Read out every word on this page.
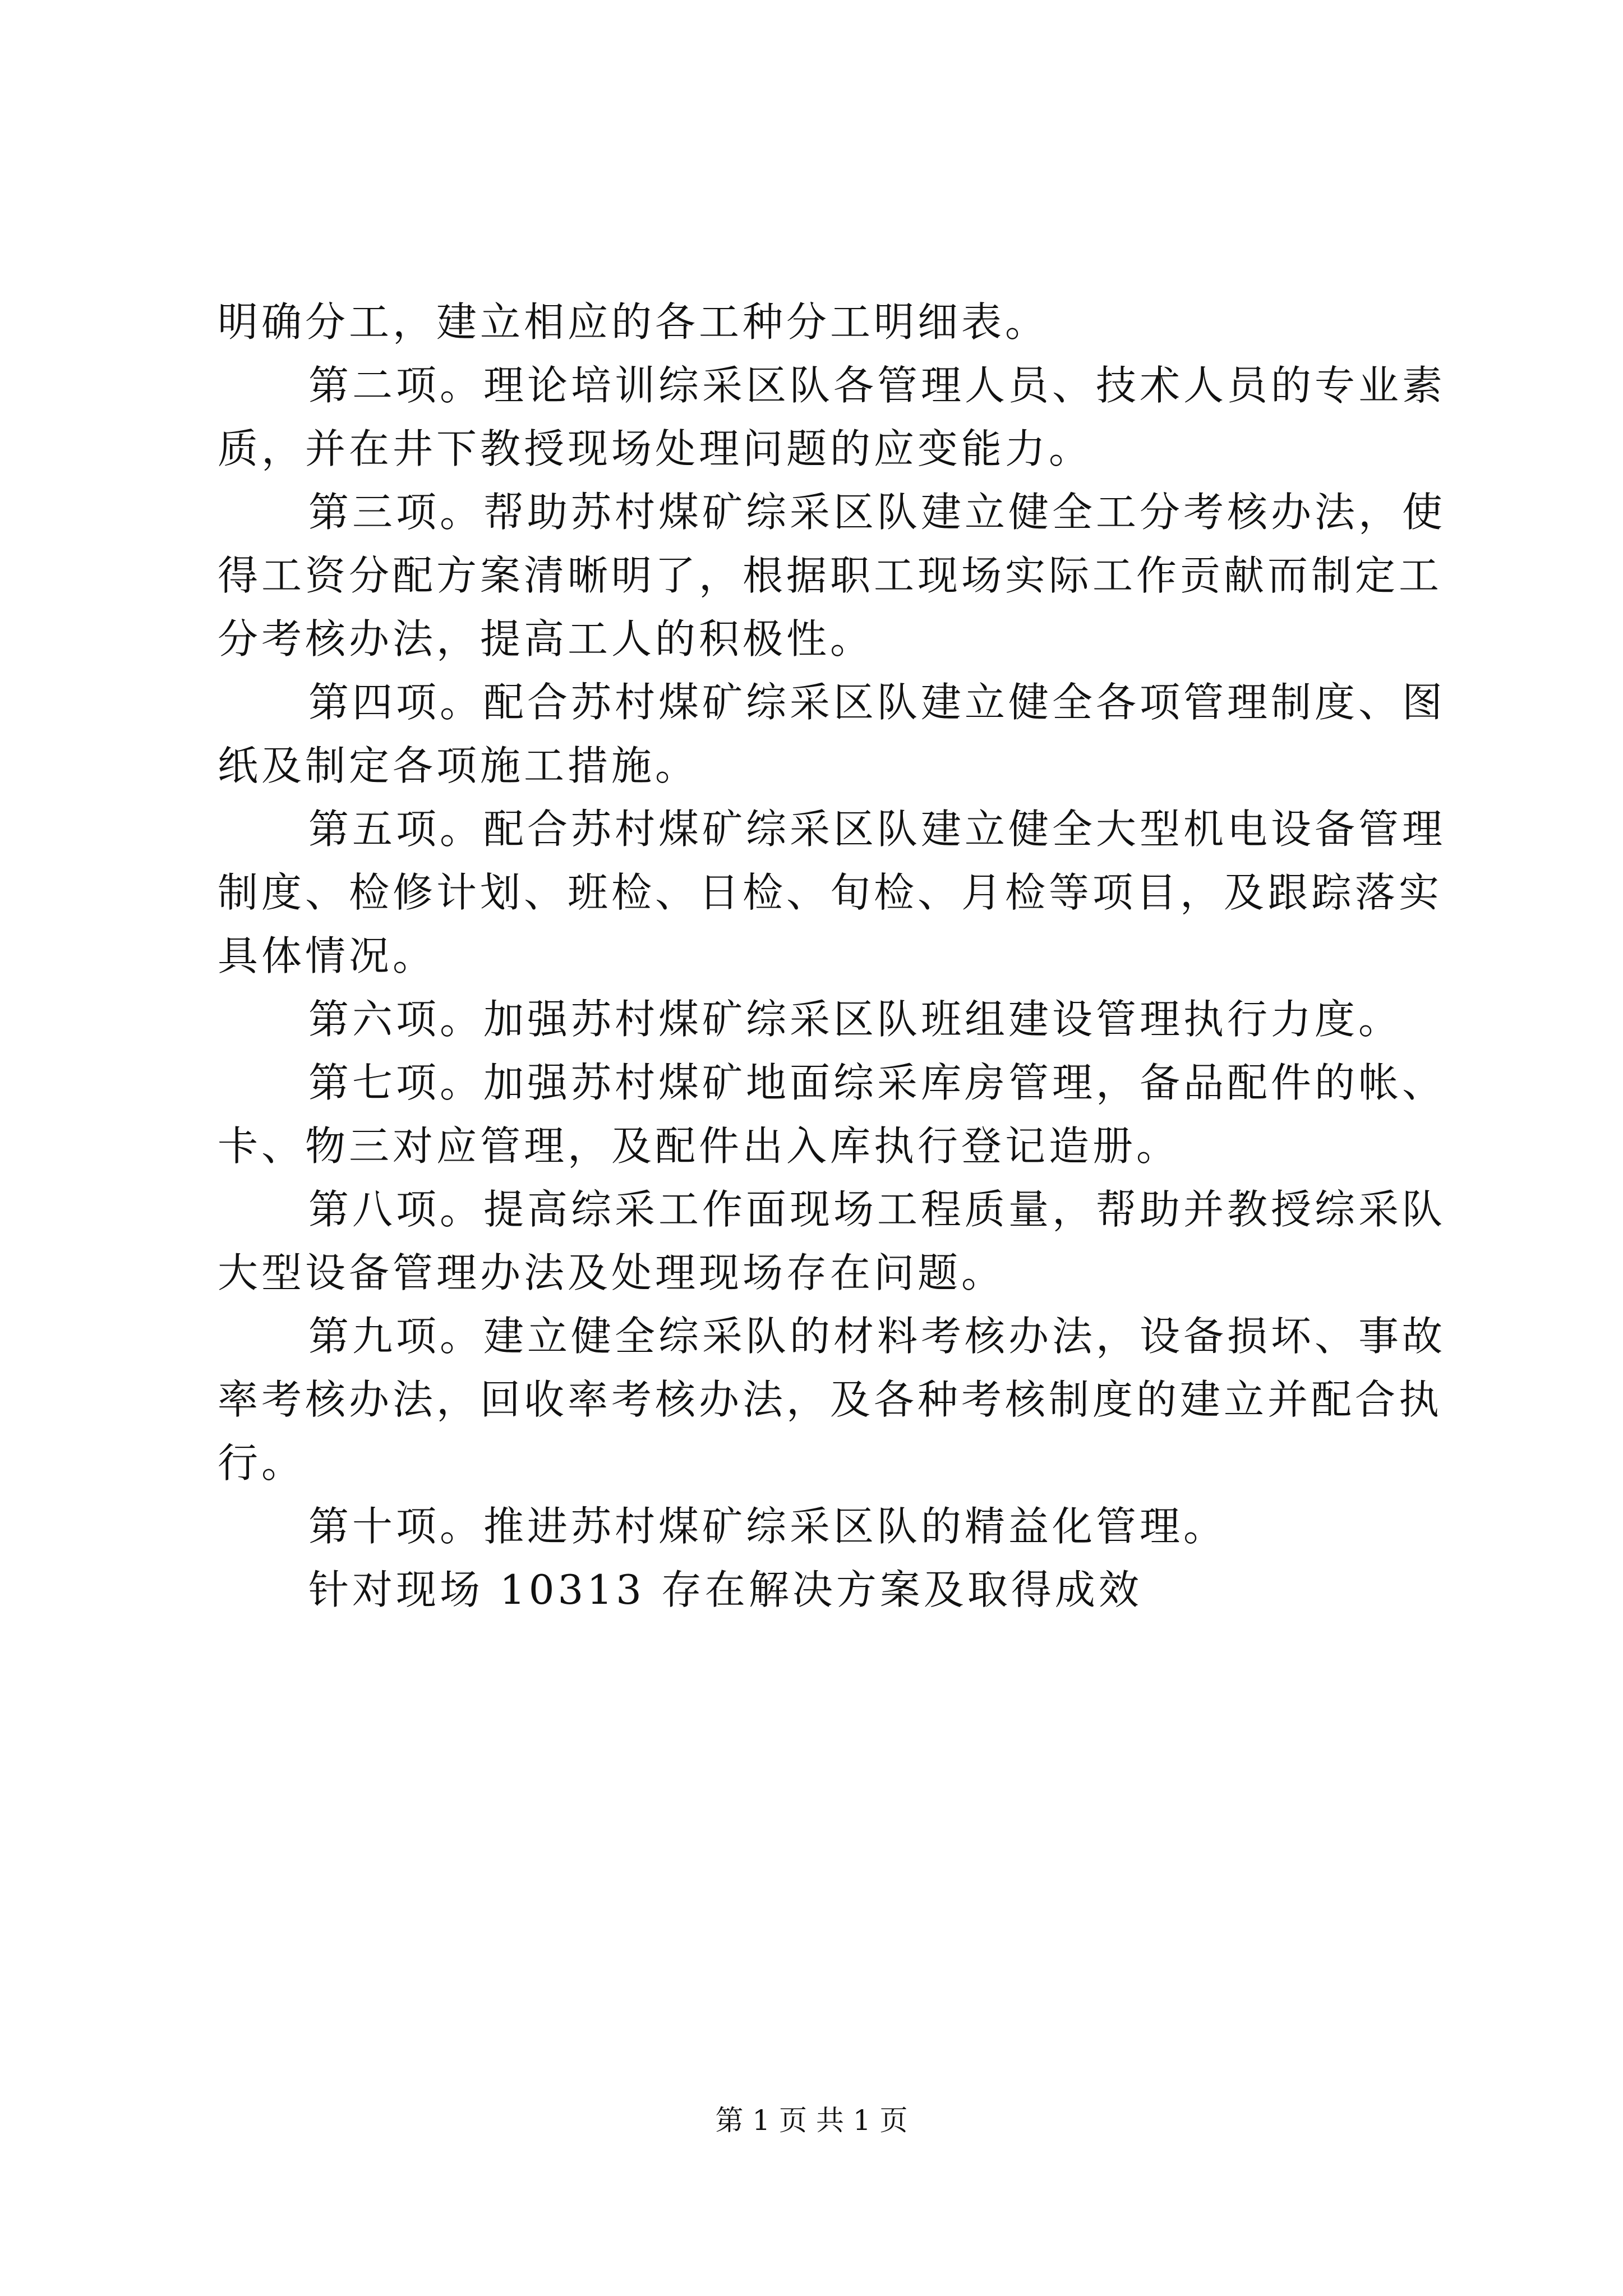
明确分工，建立相应的各工种分工明细表。
第二项。理论培训综采区队各管理人员、技术人员的专业素
质，并在井下教授现场处理问题的应变能力。
第三项。帮助苏村煤矿综采区队建立健全工分考核办法，使
得工资分配方案清晰明了，根据职工现场实际工作贡献而制定工
分考核办法，提高工人的积极性。
第四项。配合苏村煤矿综采区队建立健全各项管理制度、图
纸及制定各项施工措施。
第五项。配合苏村煤矿综采区队建立健全大型机电设备管理
制度、检修计划、班检、日检、旬检、月检等项目，及跟踪落实
具体情况。
第六项。加强苏村煤矿综采区队班组建设管理执行力度。
第七项。加强苏村煤矿地面综采库房管理，备品配件的帐、
卡、物三对应管理，及配件出入库执行登记造册。
第八项。提高综采工作面现场工程质量，帮助并教授综采队
大型设备管理办法及处理现场存在问题。
第九项。建立健全综采队的材料考核办法，设备损坏、事故
率考核办法，回收率考核办法，及各种考核制度的建立并配合执
行。
第十项。推进苏村煤矿综采区队的精益化管理。
针对现场 10313 存在解决方案及取得成效
第 1 页 共 1 页
